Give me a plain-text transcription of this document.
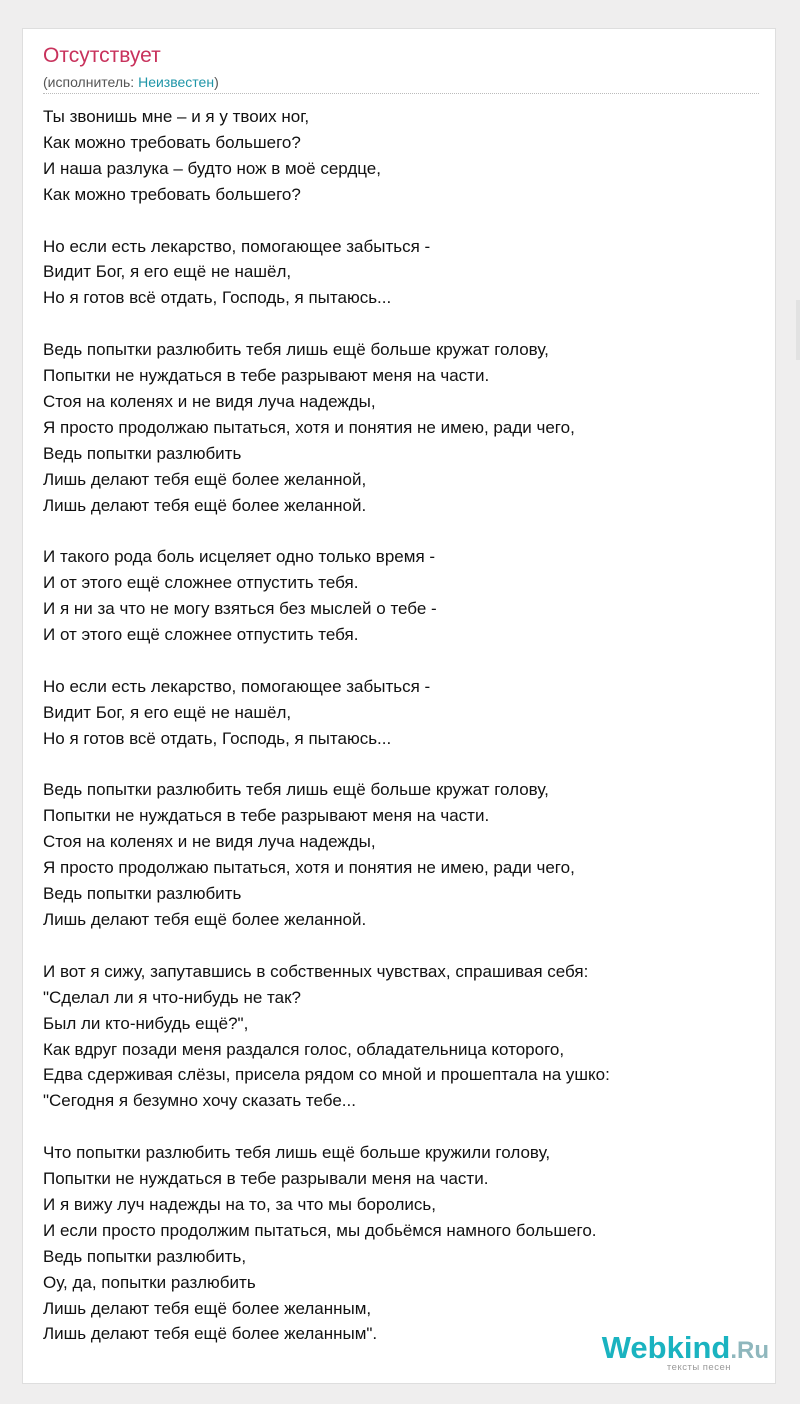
Отсутствует
(исполнитель: Неизвестен)
Ты звонишь мне – и я у твоих ног,
Как можно требовать большего?
И наша разлука – будто нож в моё сердце,
Как можно требовать большего?
Но если есть лекарство, помогающее забыться -
Видит Бог, я его ещё не нашёл,
Но я готов всё отдать, Господь, я пытаюсь...
Ведь попытки разлюбить тебя лишь ещё больше кружат голову,
Попытки не нуждаться в тебе разрывают меня на части.
Стоя на коленях и не видя луча надежды,
Я просто продолжаю пытаться, хотя и понятия не имею, ради чего,
Ведь попытки разлюбить
Лишь делают тебя ещё более желанной,
Лишь делают тебя ещё более желанной.
И такого рода боль исцеляет одно только время -
И от этого ещё сложнее отпустить тебя.
И я ни за что не могу взяться без мыслей о тебе -
И от этого ещё сложнее отпустить тебя.
Но если есть лекарство, помогающее забыться -
Видит Бог, я его ещё не нашёл,
Но я готов всё отдать, Господь, я пытаюсь...
Ведь попытки разлюбить тебя лишь ещё больше кружат голову,
Попытки не нуждаться в тебе разрывают меня на части.
Стоя на коленях и не видя луча надежды,
Я просто продолжаю пытаться, хотя и понятия не имею, ради чего,
Ведь попытки разлюбить
Лишь делают тебя ещё более желанной.
И вот я сижу, запутавшись в собственных чувствах, спрашивая себя:
"Сделал ли я что-нибудь не так?
Был ли кто-нибудь ещё?",
Как вдруг позади меня раздался голос, обладательница которого,
Едва сдерживая слёзы, присела рядом со мной и прошептала на ушко:
"Сегодня я безумно хочу сказать тебе...
Что попытки разлюбить тебя лишь ещё больше кружили голову,
Попытки не нуждаться в тебе разрывали меня на части.
И я вижу луч надежды на то, за что мы боролись,
И если просто продолжим пытаться, мы добьёмся намного большего.
Ведь попытки разлюбить,
Оу, да, попытки разлюбить
Лишь делают тебя ещё более желанным,
Лишь делают тебя ещё более желанным".	Webkind.Ru
тексты песен
